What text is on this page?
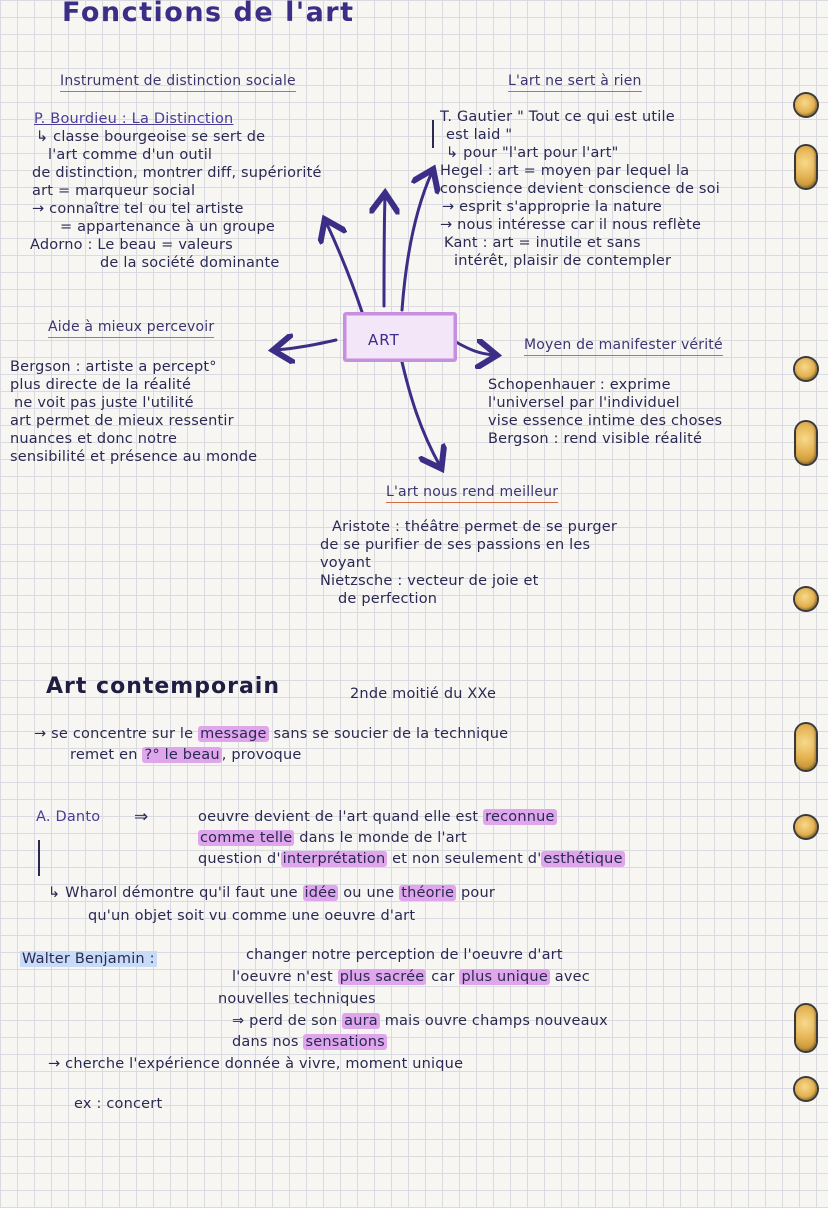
Fonctions de l'art
ART
Instrument de distinction sociale
P. Bourdieu : La Distinction
↳ classe bourgeoise se sert de
l'art comme d'un outil
de distinction, montrer diff, supériorité
art = marqueur social
→ connaître tel ou tel artiste
= appartenance à un groupe
Adorno : Le beau = valeurs
de la société dominante
L'art ne sert à rien
T. Gautier " Tout ce qui est utile
est laid "
↳ pour "l'art pour l'art"
Hegel : art = moyen par lequel la
conscience devient conscience de soi
→ esprit s'approprie la nature
→ nous intéresse car il nous reflète
Kant : art = inutile et sans
intérêt, plaisir de contempler
Aide à mieux percevoir
Bergson : artiste a percept°
plus directe de la réalité
ne voit pas juste l'utilité
art permet de mieux ressentir
nuances et donc notre
sensibilité et présence au monde
Moyen de manifester vérité
Schopenhauer : exprime
l'universel par l'individuel
vise essence intime des choses
Bergson : rend visible réalité
L'art nous rend meilleur
Aristote : théâtre permet de se purger
de se purifier de ses passions en les
voyant
Nietzsche : vecteur de joie et
de perfection
Art contemporain	2nde moitié du XXe
→ se concentre sur le message sans se soucier de la technique
remet en ?° le beau , provoque
A. Danto ⇒	oeuvre devient de l'art quand elle est reconnue
comme telle dans le monde de l'art
question d' interprétation et non seulement d' esthétique
↳ Wharol démontre qu'il faut une idée ou une théorie pour
qu'un objet soit vu comme une oeuvre d'art
Walter Benjamin :	changer notre perception de l'oeuvre d'art
l'oeuvre n'est plus sacrée car plus unique avec
nouvelles techniques
⇒ perd de son aura mais ouvre champs nouveaux
dans nos sensations
→ cherche l'expérience donnée à vivre, moment unique
ex : concert
